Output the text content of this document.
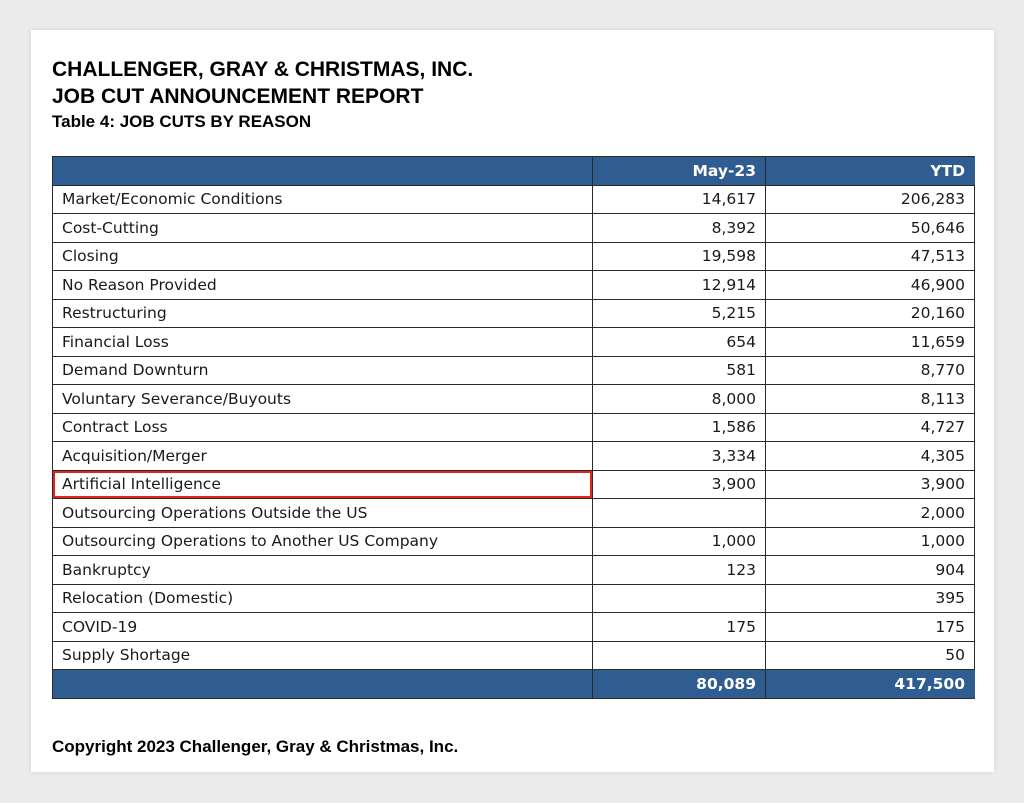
CHALLENGER, GRAY & CHRISTMAS, INC.
JOB CUT ANNOUNCEMENT REPORT
Table 4: JOB CUTS BY REASON
	May-23	YTD
Market/Economic Conditions	14,617	206,283
Cost-Cutting	8,392	50,646
Closing	19,598	47,513
No Reason Provided	12,914	46,900
Restructuring	5,215	20,160
Financial Loss	654	11,659
Demand Downturn	581	8,770
Voluntary Severance/Buyouts	8,000	8,113
Contract Loss	1,586	4,727
Acquisition/Merger	3,334	4,305
Artificial Intelligence	3,900	3,900
Outsourcing Operations Outside the US		2,000
Outsourcing Operations to Another US Company	1,000	1,000
Bankruptcy	123	904
Relocation (Domestic)		395
COVID-19	175	175
Supply Shortage		50
	80,089	417,500
Copyright 2023 Challenger, Gray & Christmas, Inc.
